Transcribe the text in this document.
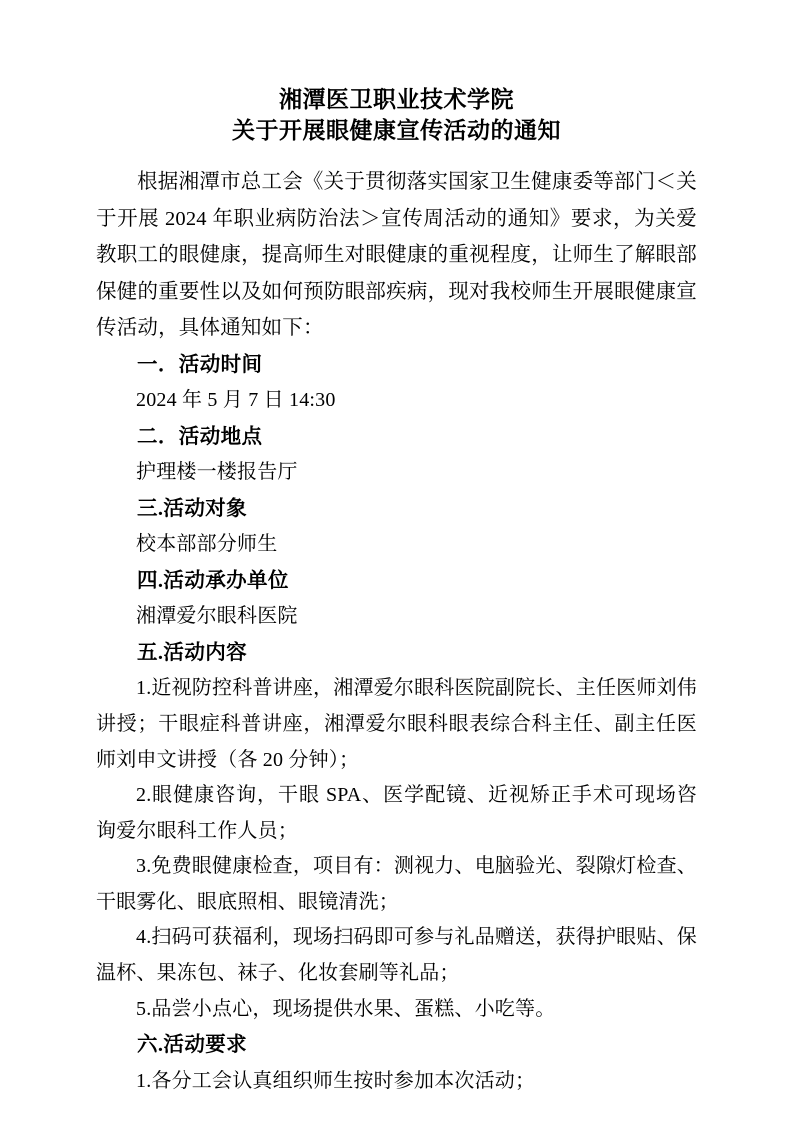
湘潭医卫职业技术学院
关于开展眼健康宣传活动的通知

根据湘潭市总工会《关于贯彻落实国家卫生健康委等部门＜关于开展 2024 年职业病防治法＞宣传周活动的通知》要求，为关爱教职工的眼健康，提高师生对眼健康的重视程度，让师生了解眼部保健的重要性以及如何预防眼部疾病，现对我校师生开展眼健康宣传活动，具体通知如下：

一．活动时间

2024 年 5 月 7 日 14:30

二．活动地点

护理楼一楼报告厅

三.活动对象

校本部部分师生

四.活动承办单位

湘潭爱尔眼科医院

五.活动内容

1.近视防控科普讲座，湘潭爱尔眼科医院副院长、主任医师刘伟讲授；干眼症科普讲座，湘潭爱尔眼科眼表综合科主任、副主任医师刘申文讲授（各 20 分钟）；

2.眼健康咨询，干眼 SPA、医学配镜、近视矫正手术可现场咨询爱尔眼科工作人员；

3.免费眼健康检查，项目有：测视力、电脑验光、裂隙灯检查、干眼雾化、眼底照相、眼镜清洗；

4.扫码可获福利，现场扫码即可参与礼品赠送，获得护眼贴、保温杯、果冻包、袜子、化妆套刷等礼品；

5.品尝小点心，现场提供水果、蛋糕、小吃等。

六.活动要求

1.各分工会认真组织师生按时参加本次活动；
